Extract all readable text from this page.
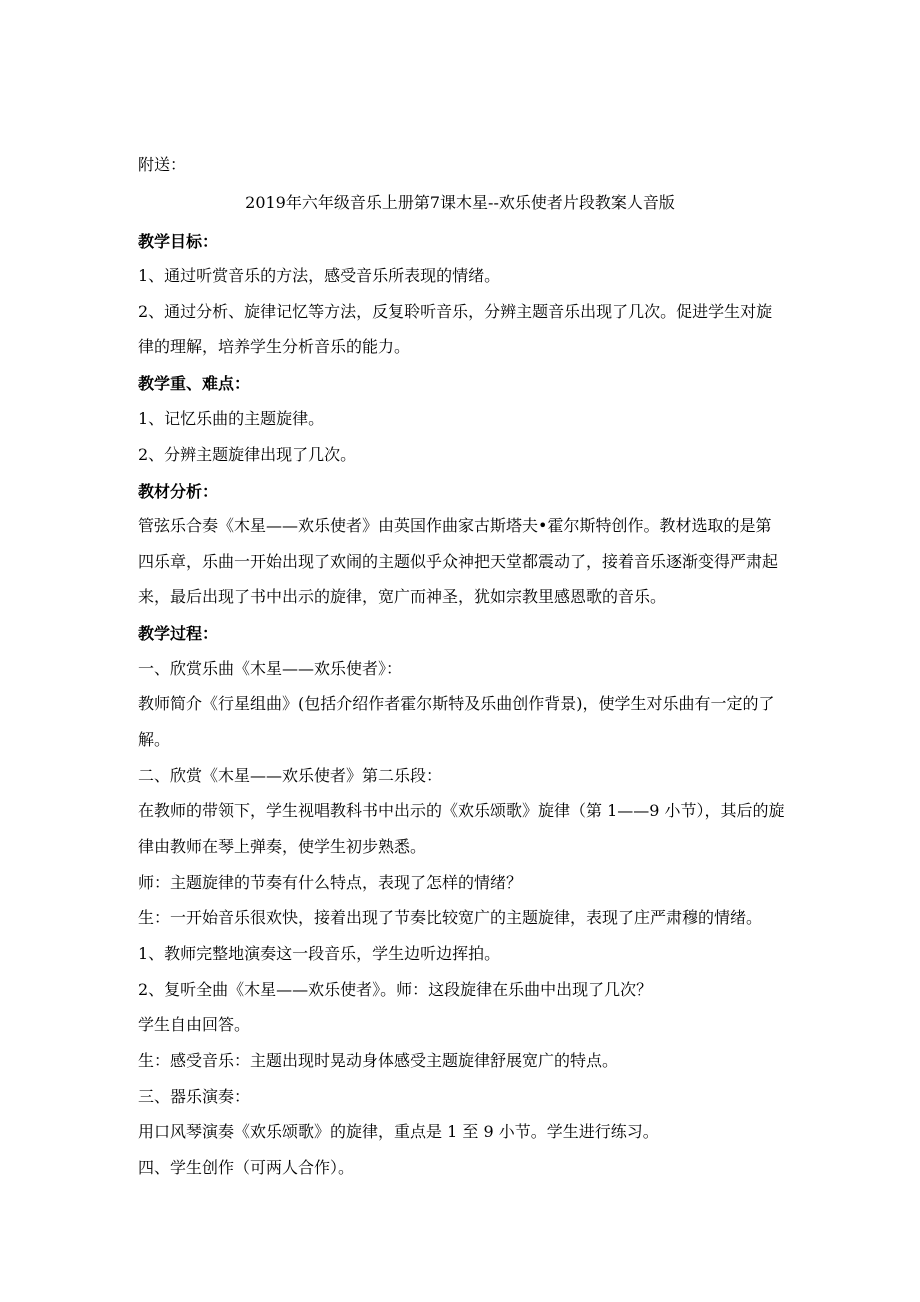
附送：
2019年六年级音乐上册第7课木星--欢乐使者片段教案人音版
教学目标：
1、通过听赏音乐的方法，感受音乐所表现的情绪。
2、通过分析、旋律记忆等方法，反复聆听音乐，分辨主题音乐出现了几次。促进学生对旋
律的理解，培养学生分析音乐的能力。
教学重、难点：
1、记忆乐曲的主题旋律。
2、分辨主题旋律出现了几次。
教材分析：
管弦乐合奏《木星——欢乐使者》由英国作曲家古斯塔夫•霍尔斯特创作。教材选取的是第
四乐章，乐曲一开始出现了欢闹的主题似乎众神把天堂都震动了，接着音乐逐渐变得严肃起
来，最后出现了书中出示的旋律，宽广而神圣，犹如宗教里感恩歌的音乐。
教学过程：
一、欣赏乐曲《木星——欢乐使者》：
教师简介《行星组曲》(包括介绍作者霍尔斯特及乐曲创作背景)，使学生对乐曲有一定的了
解。
二、欣赏《木星——欢乐使者》第二乐段：
在教师的带领下，学生视唱教科书中出示的《欢乐颂歌》旋律（第 1——9 小节），其后的旋
律由教师在琴上弹奏，使学生初步熟悉。
师：主题旋律的节奏有什么特点，表现了怎样的情绪？
生：一开始音乐很欢快，接着出现了节奏比较宽广的主题旋律，表现了庄严肃穆的情绪。
1、教师完整地演奏这一段音乐，学生边听边挥拍。
2、复听全曲《木星——欢乐使者》。师：这段旋律在乐曲中出现了几次？
学生自由回答。
生：感受音乐：主题出现时晃动身体感受主题旋律舒展宽广的特点。
三、器乐演奏：
用口风琴演奏《欢乐颂歌》的旋律，重点是 1 至 9 小节。学生进行练习。
四、学生创作（可两人合作）。
